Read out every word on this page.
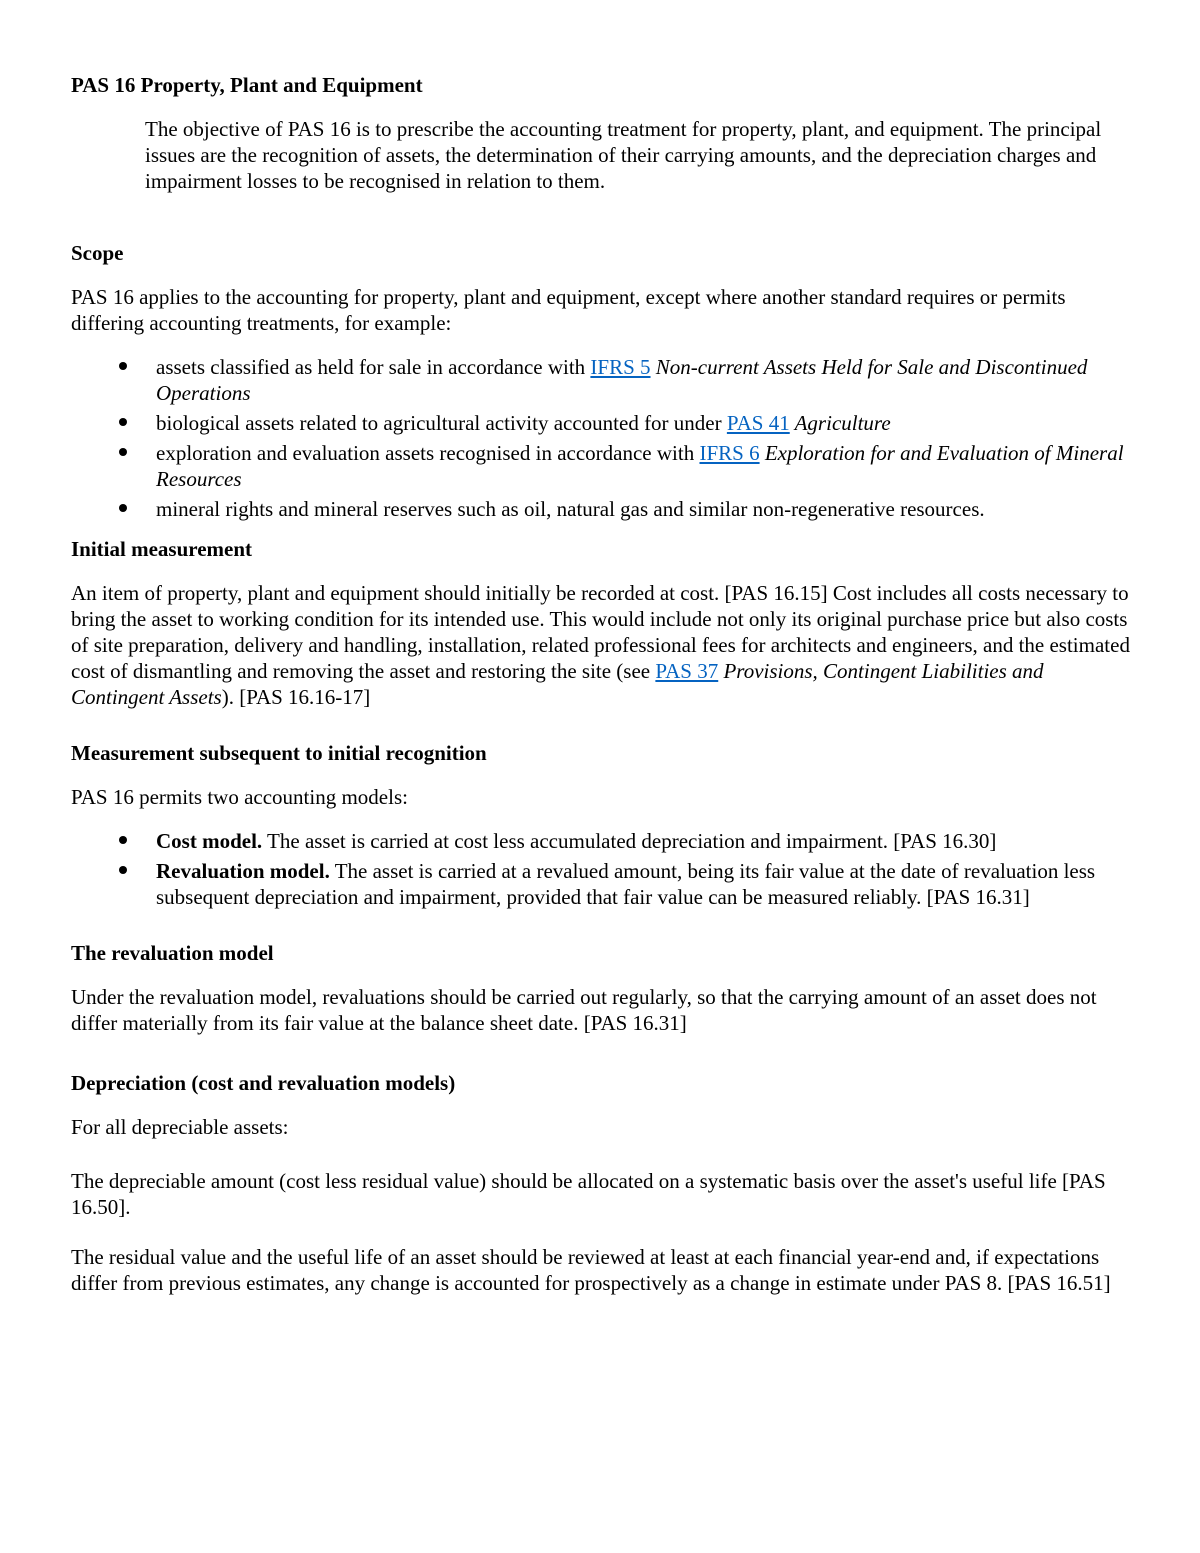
PAS 16 Property, Plant and Equipment

The objective of PAS 16 is to prescribe the accounting treatment for property, plant, and equipment. The principal issues are the recognition of assets, the determination of their carrying amounts, and the depreciation charges and impairment losses to be recognised in relation to them.

Scope

PAS 16 applies to the accounting for property, plant and equipment, except where another standard requires or permits differing accounting treatments, for example:

assets classified as held for sale in accordance with IFRS 5 Non-current Assets Held for Sale and Discontinued Operations
biological assets related to agricultural activity accounted for under PAS 41 Agriculture
exploration and evaluation assets recognised in accordance with IFRS 6 Exploration for and Evaluation of Mineral Resources
mineral rights and mineral reserves such as oil, natural gas and similar non-regenerative resources.
Initial measurement

An item of property, plant and equipment should initially be recorded at cost. [PAS 16.15] Cost includes all costs necessary to bring the asset to working condition for its intended use. This would include not only its original purchase price but also costs of site preparation, delivery and handling, installation, related professional fees for architects and engineers, and the estimated cost of dismantling and removing the asset and restoring the site (see PAS 37 Provisions, Contingent Liabilities and Contingent Assets). [PAS 16.16-17]

Measurement subsequent to initial recognition

PAS 16 permits two accounting models:

Cost model. The asset is carried at cost less accumulated depreciation and impairment. [PAS 16.30]
Revaluation model. The asset is carried at a revalued amount, being its fair value at the date of revaluation less subsequent depreciation and impairment, provided that fair value can be measured reliably. [PAS 16.31]
The revaluation model

Under the revaluation model, revaluations should be carried out regularly, so that the carrying amount of an asset does not differ materially from its fair value at the balance sheet date. [PAS 16.31]

Depreciation (cost and revaluation models)

For all depreciable assets:

The depreciable amount (cost less residual value) should be allocated on a systematic basis over the asset's useful life [PAS 16.50].

The residual value and the useful life of an asset should be reviewed at least at each financial year-end and, if expectations differ from previous estimates, any change is accounted for prospectively as a change in estimate under PAS 8. [PAS 16.51]
